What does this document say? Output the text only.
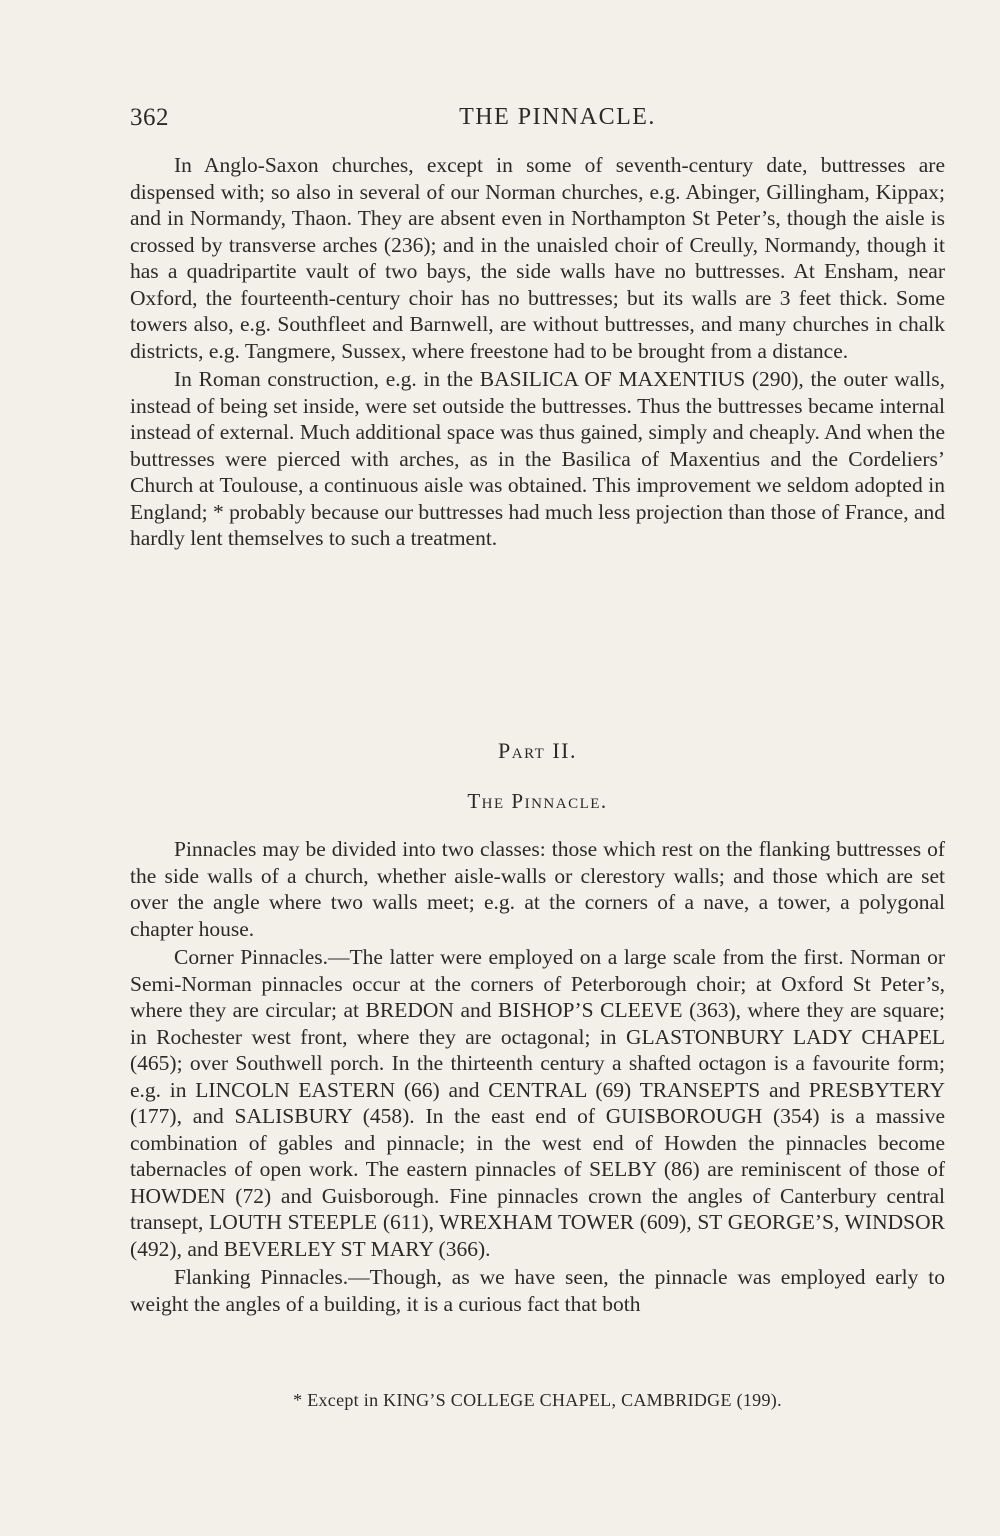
362	THE PINNACLE.

In Anglo-Saxon churches, except in some of seventh-century date, buttresses are dispensed with; so also in several of our Norman churches, e.g. Abinger, Gillingham, Kippax; and in Normandy, Thaon. They are absent even in Northampton St Peter’s, though the aisle is crossed by transverse arches (236); and in the unaisled choir of Creully, Normandy, though it has a quadripartite vault of two bays, the side walls have no buttresses. At Ensham, near Oxford, the fourteenth-century choir has no buttresses; but its walls are 3 feet thick. Some towers also, e.g. Southfleet and Barnwell, are without buttresses, and many churches in chalk districts, e.g. Tangmere, Sussex, where freestone had to be brought from a distance.

In Roman construction, e.g. in the BASILICA OF MAXENTIUS (290), the outer walls, instead of being set inside, were set outside the buttresses. Thus the buttresses became internal instead of external. Much additional space was thus gained, simply and cheaply. And when the buttresses were pierced with arches, as in the Basilica of Maxentius and the Cordeliers’ Church at Toulouse, a continuous aisle was obtained. This improvement we seldom adopted in England; * probably because our buttresses had much less projection than those of France, and hardly lent themselves to such a treatment.

Part II.
The Pinnacle.

Pinnacles may be divided into two classes: those which rest on the flanking buttresses of the side walls of a church, whether aisle-walls or clerestory walls; and those which are set over the angle where two walls meet; e.g. at the corners of a nave, a tower, a polygonal chapter house.

Corner Pinnacles.—The latter were employed on a large scale from the first. Norman or Semi-Norman pinnacles occur at the corners of Peterborough choir; at Oxford St Peter’s, where they are circular; at BREDON and BISHOP’S CLEEVE (363), where they are square; in Rochester west front, where they are octagonal; in GLASTONBURY LADY CHAPEL (465); over Southwell porch. In the thirteenth century a shafted octagon is a favourite form; e.g. in LINCOLN EASTERN (66) and CENTRAL (69) TRANSEPTS and PRESBYTERY (177), and SALISBURY (458). In the east end of GUISBOROUGH (354) is a massive combination of gables and pinnacle; in the west end of Howden the pinnacles become tabernacles of open work. The eastern pinnacles of SELBY (86) are reminiscent of those of HOWDEN (72) and Guisborough. Fine pinnacles crown the angles of Canterbury central transept, LOUTH STEEPLE (611), WREXHAM TOWER (609), ST GEORGE’S, WINDSOR (492), and BEVERLEY ST MARY (366).

Flanking Pinnacles.—Though, as we have seen, the pinnacle was employed early to weight the angles of a building, it is a curious fact that both

* Except in KING’S COLLEGE CHAPEL, CAMBRIDGE (199).
